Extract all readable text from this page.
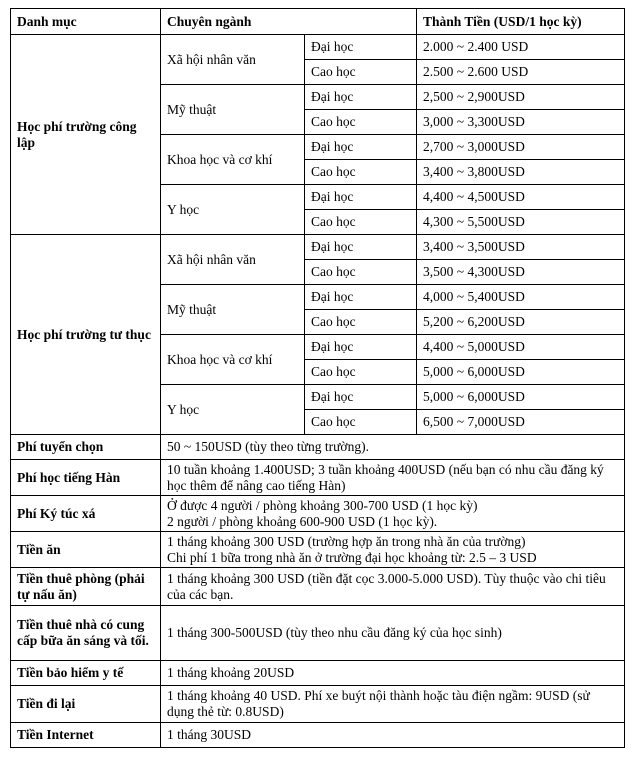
Danh mục	Chuyên ngành		Thành Tiền (USD/1 học kỳ)
Học phí trường công lập	Xã hội nhân văn	Đại học	2.000 ~ 2.400 USD
		Cao học	2.500 ~ 2.600 USD
	Mỹ thuật	Đại học	2,500 ~ 2,900USD
		Cao học	3,000 ~ 3,300USD
	Khoa học và cơ khí	Đại học	2,700 ~ 3,000USD
		Cao học	3,400 ~ 3,800USD
	Y học	Đại học	4,400 ~ 4,500USD
		Cao học	4,300 ~ 5,500USD
Học phí trường tư thục	Xã hội nhân văn	Đại học	3,400 ~ 3,500USD
		Cao học	3,500 ~ 4,300USD
	Mỹ thuật	Đại học	4,000 ~ 5,400USD
		Cao học	5,200 ~ 6,200USD
	Khoa học và cơ khí	Đại học	4,400 ~ 5,000USD
		Cao học	5,000 ~ 6,000USD
	Y học	Đại học	5,000 ~ 6,000USD
		Cao học	6,500 ~ 7,000USD
Phí tuyển chọn	50 ~ 150USD (tùy theo từng trường).		
Phí học tiếng Hàn	10 tuần khoảng 1.400USD; 3 tuần khoảng 400USD (nếu bạn có nhu cầu đăng ký học thêm để nâng cao tiếng Hàn)		
Phí Ký túc xá	Ở được 4 người / phòng khoảng 300-700 USD (1 học kỳ)
2 người / phòng khoảng 600-900 USD (1 học kỳ).		
Tiền ăn	1 tháng khoảng 300 USD (trường hợp ăn trong nhà ăn của trường)
Chi phí 1 bữa trong nhà ăn ở trường đại học khoảng từ: 2.5 – 3 USD		
Tiền thuê phòng (phải tự nấu ăn)	1 tháng khoảng 300 USD (tiền đặt cọc 3.000-5.000 USD). Tùy thuộc vào chi tiêu của các bạn.		
Tiền thuê nhà có cung cấp bữa ăn sáng và tối.	1 tháng 300-500USD (tùy theo nhu cầu đăng ký của học sinh)		
Tiền bảo hiểm y tế	1 tháng khoảng 20USD		
Tiền đi lại	1 tháng khoảng 40 USD. Phí xe buýt nội thành hoặc tàu điện ngầm: 9USD (sử dụng thẻ từ: 0.8USD)		
Tiền Internet	1 tháng 30USD		
